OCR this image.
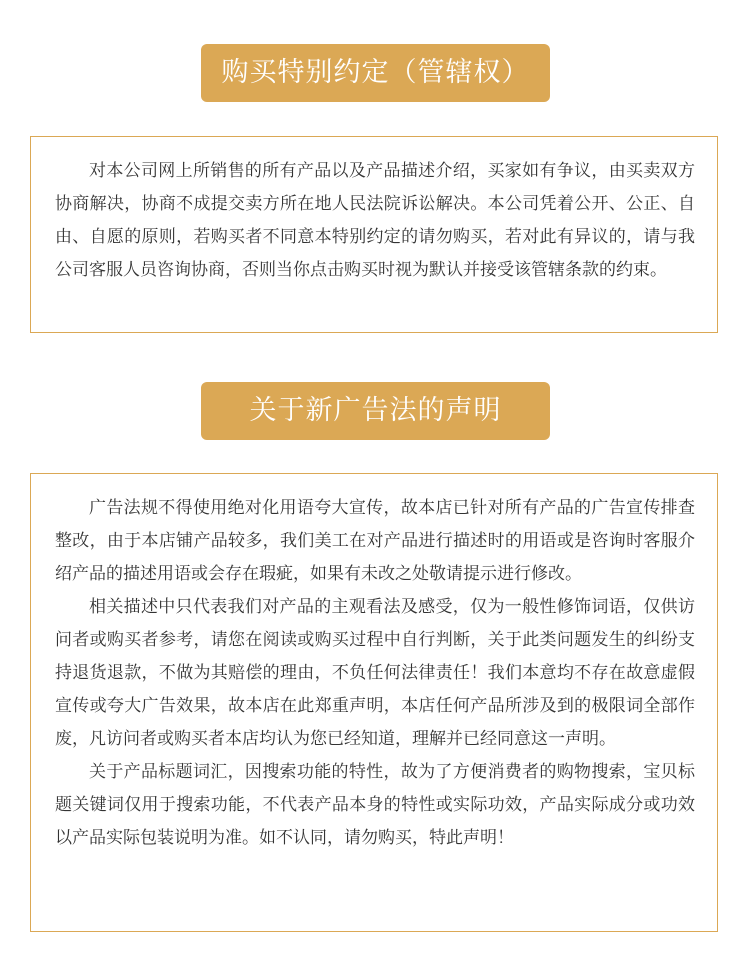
购买特别约定（管辖权）

对本公司网上所销售的所有产品以及产品描述介绍，买家如有争议，由买卖双方协商解决，协商不成提交卖方所在地人民法院诉讼解决。本公司凭着公开、公正、自由、自愿的原则，若购买者不同意本特别约定的请勿购买，若对此有异议的，请与我公司客服人员咨询协商，否则当你点击购买时视为默认并接受该管辖条款的约束。

关于新广告法的声明

广告法规不得使用绝对化用语夸大宣传，故本店已针对所有产品的广告宣传排查整改，由于本店铺产品较多，我们美工在对产品进行描述时的用语或是咨询时客服介绍产品的描述用语或会存在瑕疵，如果有未改之处敬请提示进行修改。

相关描述中只代表我们对产品的主观看法及感受，仅为一般性修饰词语，仅供访问者或购买者参考，请您在阅读或购买过程中自行判断，关于此类问题发生的纠纷支持退货退款，不做为其赔偿的理由，不负任何法律责任！我们本意均不存在故意虚假宣传或夸大广告效果，故本店在此郑重声明，本店任何产品所涉及到的极限词全部作废，凡访问者或购买者本店均认为您已经知道，理解并已经同意这一声明。

关于产品标题词汇，因搜索功能的特性，故为了方便消费者的购物搜索，宝贝标题关键词仅用于搜索功能，不代表产品本身的特性或实际功效，产品实际成分或功效以产品实际包装说明为准。如不认同，请勿购买，特此声明！
